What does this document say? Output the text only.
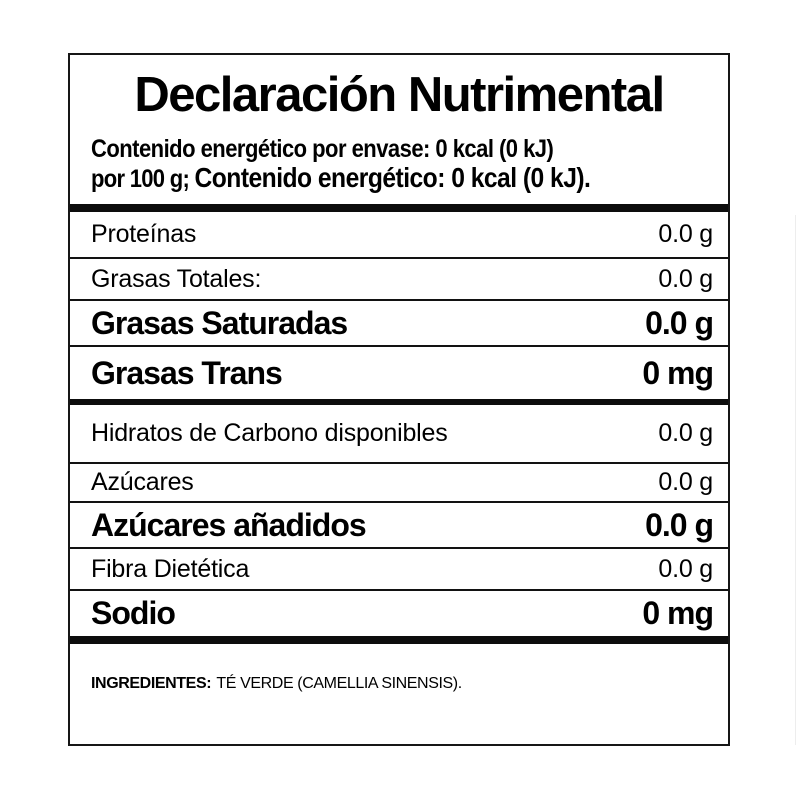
Declaración Nutrimental
Contenido energético por envase: 0 kcal (0 kJ)
por 100 g; Contenido energético: 0 kcal (0 kJ).
Proteínas	0.0 g
Grasas Totales:	0.0 g
Grasas Saturadas	0.0 g
Grasas Trans	0 mg
Hidratos de Carbono disponibles	0.0 g
Azúcares	0.0 g
Azúcares añadidos	0.0 g
Fibra Dietética	0.0 g
Sodio	0 mg
INGREDIENTES: TÉ VERDE (CAMELLIA SINENSIS).
